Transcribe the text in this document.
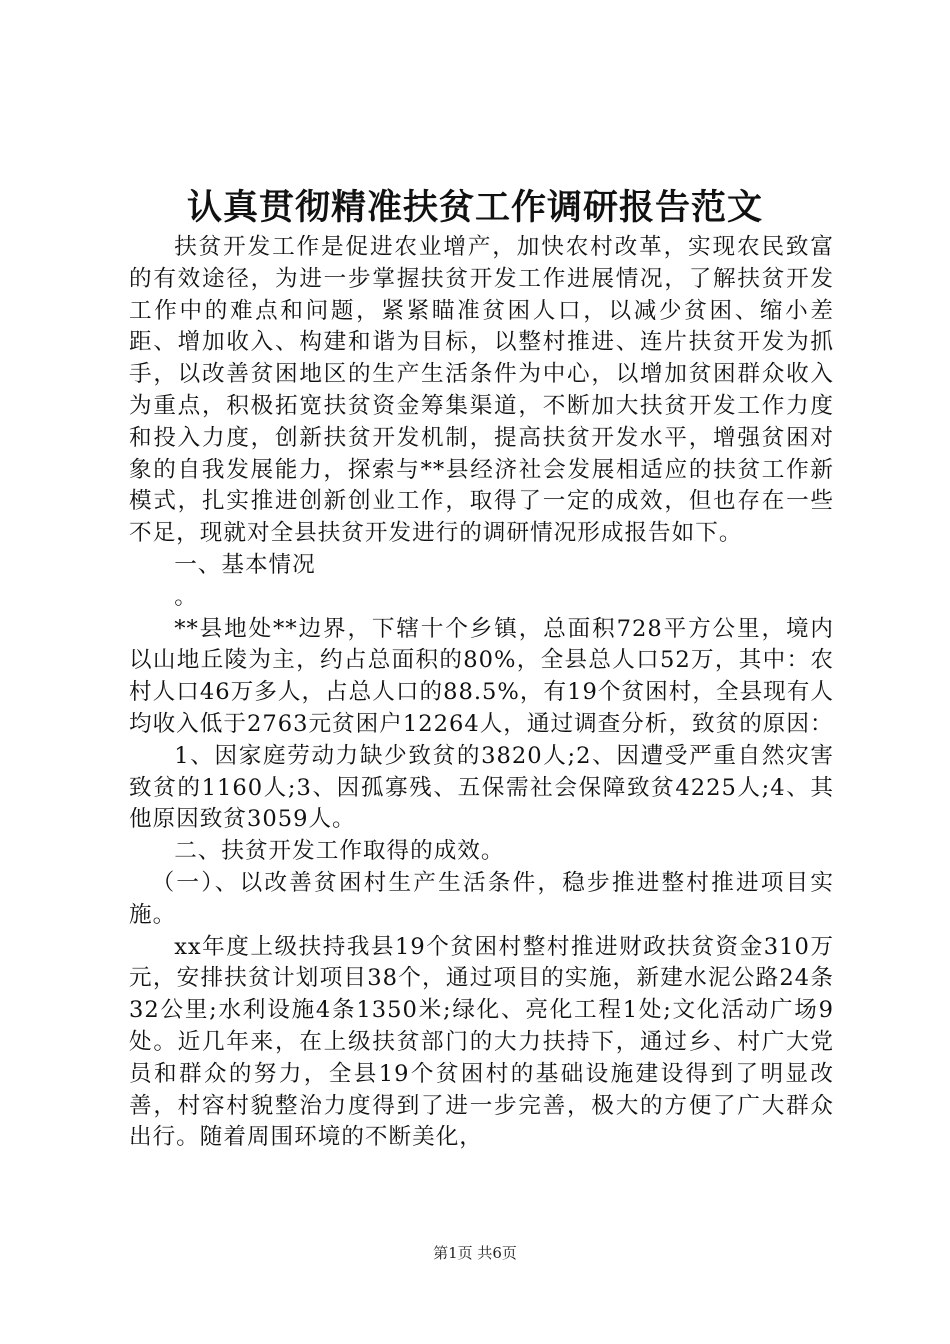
认真贯彻精准扶贫工作调研报告范文

扶贫开发工作是促进农业增产，加快农村改革，实现农民致富的有效途径，为进一步掌握扶贫开发工作进展情况，了解扶贫开发工作中的难点和问题，紧紧瞄准贫困人口，以减少贫困、缩小差距、增加收入、构建和谐为目标，以整村推进、连片扶贫开发为抓手，以改善贫困地区的生产生活条件为中心，以增加贫困群众收入为重点，积极拓宽扶贫资金筹集渠道，不断加大扶贫开发工作力度和投入力度，创新扶贫开发机制，提高扶贫开发水平，增强贫困对象的自我发展能力，探索与**县经济社会发展相适应的扶贫工作新模式，扎实推进创新创业工作，取得了一定的成效，但也存在一些不足，现就对全县扶贫开发进行的调研情况形成报告如下。

一、基本情况

。

**县地处**边界，下辖十个乡镇，总面积728平方公里，境内以山地丘陵为主，约占总面积的80%，全县总人口52万，其中：农村人口46万多人，占总人口的88.5%，有19个贫困村，全县现有人均收入低于2763元贫困户12264人，通过调查分析，致贫的原因：

1、因家庭劳动力缺少致贫的3820人;2、因遭受严重自然灾害致贫的1160人;3、因孤寡残、五保需社会保障致贫4225人;4、其他原因致贫3059人。

二、扶贫开发工作取得的成效。

（一）、以改善贫困村生产生活条件，稳步推进整村推进项目实施。

xx年度上级扶持我县19个贫困村整村推进财政扶贫资金310万元，安排扶贫计划项目38个，通过项目的实施，新建水泥公路24条32公里;水利设施4条1350米;绿化、亮化工程1处;文化活动广场9处。近几年来，在上级扶贫部门的大力扶持下，通过乡、村广大党员和群众的努力，全县19个贫困村的基础设施建设得到了明显改善，村容村貌整治力度得到了进一步完善，极大的方便了广大群众出行。随着周围环境的不断美化，

第1页 共6页
